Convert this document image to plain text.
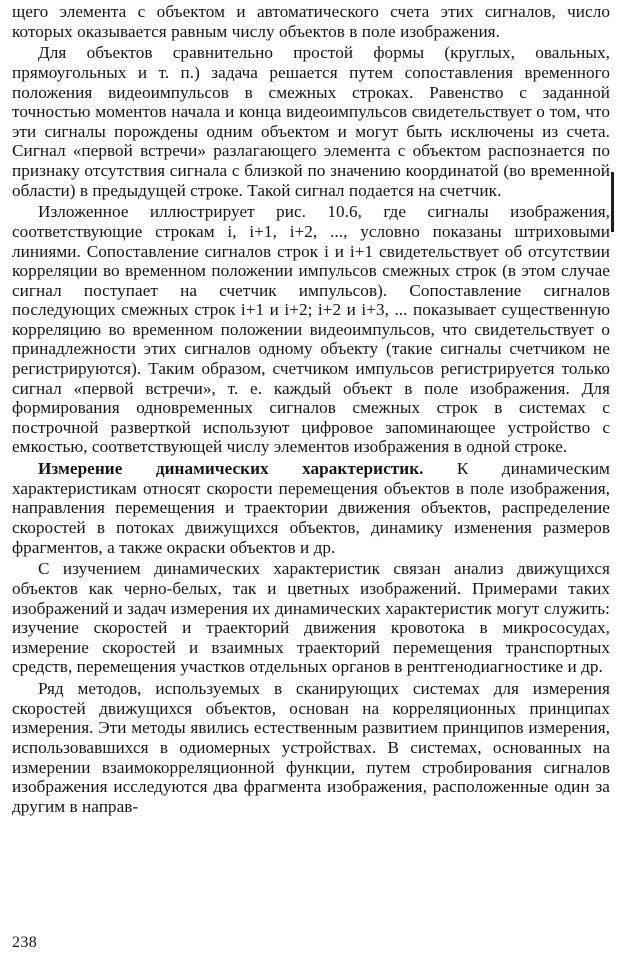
щего элемента с объектом и автоматического счета этих сигналов, число которых оказывается равным числу объектов в поле изображения.

Для объектов сравнительно простой формы (круглых, овальных, прямоугольных и т. п.) задача решается путем сопоставления временного положения видеоимпульсов в смежных строках. Равенство с заданной точностью моментов начала и конца видеоимпульсов свидетельствует о том, что эти сигналы порождены одним объектом и могут быть исключены из счета. Сигнал «первой встречи» разлагающего элемента с объектом распознается по признаку отсутствия сигнала с близкой по значению координатой (во временной области) в предыдущей строке. Такой сигнал подается на счетчик.

Изложенное иллюстрирует рис. 10.6, где сигналы изображения, соответствующие строкам i, i+1, i+2, ..., условно показаны штриховыми линиями. Сопоставление сигналов строк i и i+1 свидетельствует об отсутствии корреляции во временном положении импульсов смежных строк (в этом случае сигнал поступает на счетчик импульсов). Сопоставление сигналов последующих смежных строк i+1 и i+2; i+2 и i+3, ... показывает существенную корреляцию во временном положении видеоимпульсов, что свидетельствует о принадлежности этих сигналов одному объекту (такие сигналы счетчиком не регистрируются). Таким образом, счетчиком импульсов регистрируется только сигнал «первой встречи», т. е. каждый объект в поле изображения. Для формирования одновременных сигналов смежных строк в системах с построчной разверткой используют цифровое запоминающее устройство с емкостью, соответствующей числу элементов изображения в одной строке.

Измерение динамических характеристик. К динамическим характеристикам относят скорости перемещения объектов в поле изображения, направления перемещения и траектории движения объектов, распределение скоростей в потоках движущихся объектов, динамику изменения размеров фрагментов, а также окраски объектов и др.

С изучением динамических характеристик связан анализ движущихся объектов как черно-белых, так и цветных изображений. Примерами таких изображений и задач измерения их динамических характеристик могут служить: изучение скоростей и траекторий движения кровотока в микрососудах, измерение скоростей и взаимных траекторий перемещения транспортных средств, перемещения участков отдельных органов в рентгенодиагностике и др.

Ряд методов, используемых в сканирующих системах для измерения скоростей движущихся объектов, основан на корреляционных принципах измерения. Эти методы явились естественным развитием принципов измерения, использовавшихся в одиомерных устройствах. В системах, основанных на измерении взаимокорреляционной функции, путем стробирования сигналов изображения исследуются два фрагмента изображения, расположенные один за другим в направ-

238
